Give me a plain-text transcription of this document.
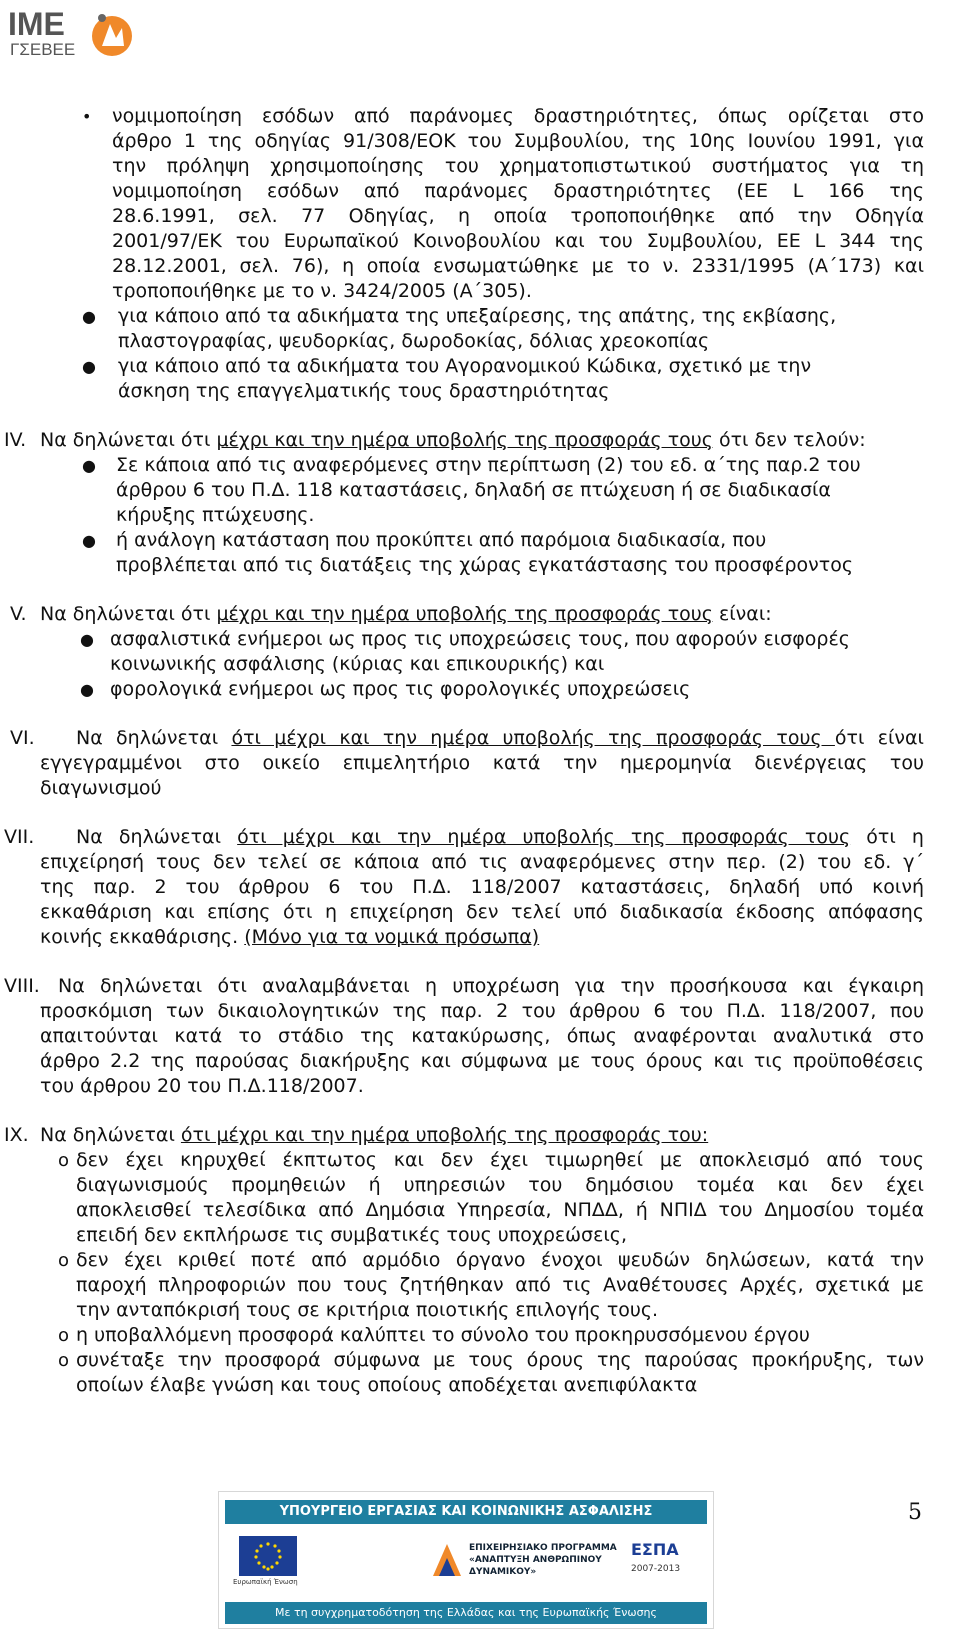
IME
ΓΣΕΒΕΕ
• νομιμοποίηση εσόδων από παράνομες δραστηριότητες, όπως ορίζεται στο
άρθρο 1 της οδηγίας 91/308/ΕΟΚ του Συμβουλίου, της 10ης Ιουνίου 1991, για
την πρόληψη χρησιμοποίησης του χρηματοπιστωτικού συστήματος για τη
νομιμοποίηση εσόδων από παράνομες δραστηριότητες (ΕΕ L 166 της
28.6.1991, σελ. 77 Οδηγίας, η οποία τροποποιήθηκε από την Οδηγία
2001/97/ΕΚ του Ευρωπαϊκού Κοινοβουλίου και του Συμβουλίου, ΕΕ L 344 της
28.12.2001, σελ. 76), η οποία ενσωματώθηκε με το ν. 2331/1995 (Α΄173) και
τροποποιήθηκε με το ν. 3424/2005 (Α΄305).
● για κάποιο από τα αδικήματα της υπεξαίρεσης, της απάτης, της εκβίασης,
πλαστογραφίας, ψευδορκίας, δωροδοκίας, δόλιας χρεοκοπίας
● για κάποιο από τα αδικήματα του Αγορανομικού Κώδικα, σχετικό με την
άσκηση της επαγγελματικής τους δραστηριότητας
IV. Να δηλώνεται ότι μέχρι και την ημέρα υποβολής της προσφοράς τους ότι δεν τελούν:
● Σε κάποια από τις αναφερόμενες στην περίπτωση (2) του εδ. α΄της παρ.2 του
άρθρου 6 του Π.Δ. 118 καταστάσεις, δηλαδή σε πτώχευση ή σε διαδικασία
κήρυξης πτώχευσης.
● ή ανάλογη κατάσταση που προκύπτει από παρόμοια διαδικασία, που
προβλέπεται από τις διατάξεις της χώρας εγκατάστασης του προσφέροντος
V. Να δηλώνεται ότι μέχρι και την ημέρα υποβολής της προσφοράς τους είναι:
● ασφαλιστικά ενήμεροι ως προς τις υποχρεώσεις τους, που αφορούν εισφορές
κοινωνικής ασφάλισης (κύριας και επικουρικής) και
● φορολογικά ενήμεροι ως προς τις φορολογικές υποχρεώσεις
VI. Να δηλώνεται ότι μέχρι και την ημέρα υποβολής της προσφοράς τους ότι είναι
εγγεγραμμένοι στο οικείο επιμελητήριο κατά την ημερομηνία διενέργειας του
διαγωνισμού
VII. Να δηλώνεται ότι μέχρι και την ημέρα υποβολής της προσφοράς τους ότι η
επιχείρησή τους δεν τελεί σε κάποια από τις αναφερόμενες στην περ. (2) του εδ. γ΄
της παρ. 2 του άρθρου 6 του Π.Δ. 118/2007 καταστάσεις, δηλαδή υπό κοινή
εκκαθάριση και επίσης ότι η επιχείρηση δεν τελεί υπό διαδικασία έκδοσης απόφασης
κοινής εκκαθάρισης. (Μόνο για τα νομικά πρόσωπα)
VIII. Να δηλώνεται ότι αναλαμβάνεται η υποχρέωση για την προσήκουσα και έγκαιρη
προσκόμιση των δικαιολογητικών της παρ. 2 του άρθρου 6 του Π.Δ. 118/2007, που
απαιτούνται κατά το στάδιο της κατακύρωσης, όπως αναφέρονται αναλυτικά στο
άρθρο 2.2 της παρούσας διακήρυξης και σύμφωνα με τους όρους και τις προϋποθέσεις
του άρθρου 20 του Π.Δ.118/2007.
IX. Να δηλώνεται ότι μέχρι και την ημέρα υποβολής της προσφοράς του:
o δεν έχει κηρυχθεί έκπτωτος και δεν έχει τιμωρηθεί με αποκλεισμό από τους
διαγωνισμούς προμηθειών ή υπηρεσιών του δημόσιου τομέα και δεν έχει
αποκλεισθεί τελεσίδικα από Δημόσια Υπηρεσία, ΝΠΔΔ, ή ΝΠΙΔ του Δημοσίου τομέα
επειδή δεν εκπλήρωσε τις συμβατικές τους υποχρεώσεις,
o δεν έχει κριθεί ποτέ από αρμόδιο όργανο ένοχοι ψευδών δηλώσεων, κατά την
παροχή πληροφοριών που τους ζητήθηκαν από τις Αναθέτουσες Αρχές, σχετικά με
την ανταπόκρισή τους σε κριτήρια ποιοτικής επιλογής τους.
o η υποβαλλόμενη προσφορά καλύπτει το σύνολο του προκηρυσσόμενου έργου
o συνέταξε την προσφορά σύμφωνα με τους όρους της παρούσας προκήρυξης, των
οποίων έλαβε γνώση και τους οποίους αποδέχεται ανεπιφύλακτα
5
ΥΠΟΥΡΓΕΙΟ ΕΡΓΑΣΙΑΣ ΚΑΙ ΚΟΙΝΩΝΙΚΗΣ ΑΣΦΑΛΙΣΗΣ
Ευρωπαϊκή Ένωση
ΕΠΙΧΕΙΡΗΣΙΑΚΟ ΠΡΟΓΡΑΜΜΑ «ΑΝΑΠΤΥΞΗ ΑΝΘΡΩΠΙΝΟΥ ΔΥΝΑΜΙΚΟΥ»
ΕΣΠΑ
2007-2013
Με τη συγχρηματοδότηση της Ελλάδας και της Ευρωπαϊκής Ένωσης
